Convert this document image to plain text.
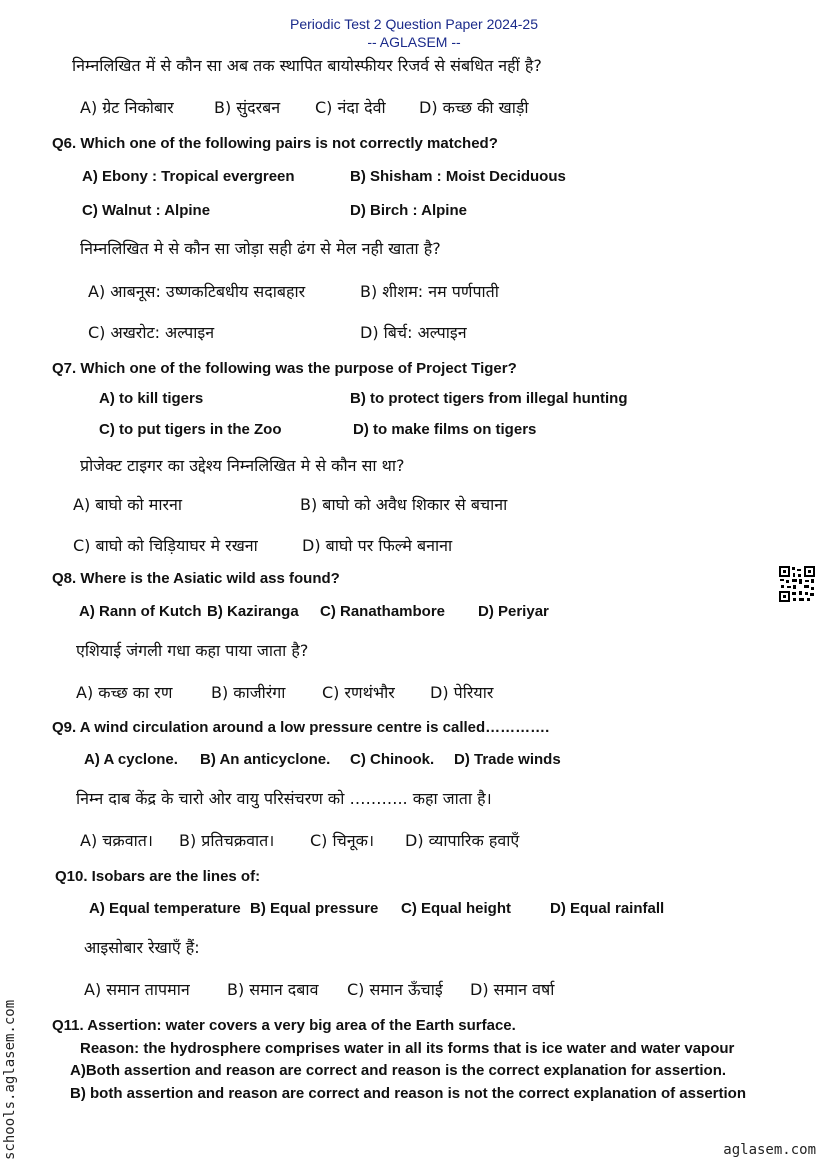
Periodic Test 2 Question Paper 2024-25
-- AGLASEM --
निम्नलिखित में से कौन सा अब तक स्थापित बायोस्फीयर रिजर्व से संबधित नहीं है?
A) ग्रेट निकोबार	B) सुंदरबन C) नंदा देवी D) कच्छ की खाड़ी
Q6. Which one of the following pairs is not correctly matched?
A) Ebony : Tropical evergreen	B) Shisham : Moist Deciduous
C) Walnut : Alpine	D) Birch : Alpine
निम्नलिखित मे से कौन सा जोड़ा सही ढंग से मेल नही खाता है?
A) आबनूस: उष्णकटिबधीय सदाबहार	B) शीशम: नम पर्णपाती
C) अखरोट: अल्पाइन	D) बिर्च: अल्पाइन
Q7. Which one of the following was the purpose of Project Tiger?
A) to kill tigers	B) to protect tigers from illegal hunting
C) to put tigers in the Zoo	D) to make films on tigers
प्रोजेक्ट टाइगर का उद्देश्य निम्नलिखित मे से कौन सा था?
A) बाघो को मारना	B) बाघो को अवैध शिकार से बचाना
C) बाघो को चिड़ियाघर मे रखना	D) बाघो पर फिल्मे बनाना
Q8. Where is the Asiatic wild ass found?
A) Rann of Kutch B) Kaziranga C) Ranathambore D) Periyar
एशियाई जंगली गधा कहा पाया जाता है?
A) कच्छ का रण B) काजीरंगा C) रणथंभौर D) पेरियार
Q9. A wind circulation around a low pressure centre is called………….
A) A cyclone. B) An anticyclone. C) Chinook. D) Trade winds
निम्न दाब केंद्र के चारो ओर वायु परिसंचरण को ……….. कहा जाता है।
A) चक्रवात। B) प्रतिचक्रवात। C) चिनूक। D) व्यापारिक हवाएँ
Q10. Isobars are the lines of:
A) Equal temperature B) Equal pressure C) Equal height	D) Equal rainfall
आइसोबार रेखाएँ हैं:
A) समान तापमान B) समान दबाव C) समान ऊँचाई D) समान वर्षा
Q11. Assertion: water covers a very big area of the Earth surface.
Reason: the hydrosphere comprises water in all its forms that is ice water and water vapour
A)Both assertion and reason are correct and reason is the correct explanation for assertion.
B) both assertion and reason are correct and reason is not the correct explanation of assertion
schools.aglasem.com	aglasem.com
